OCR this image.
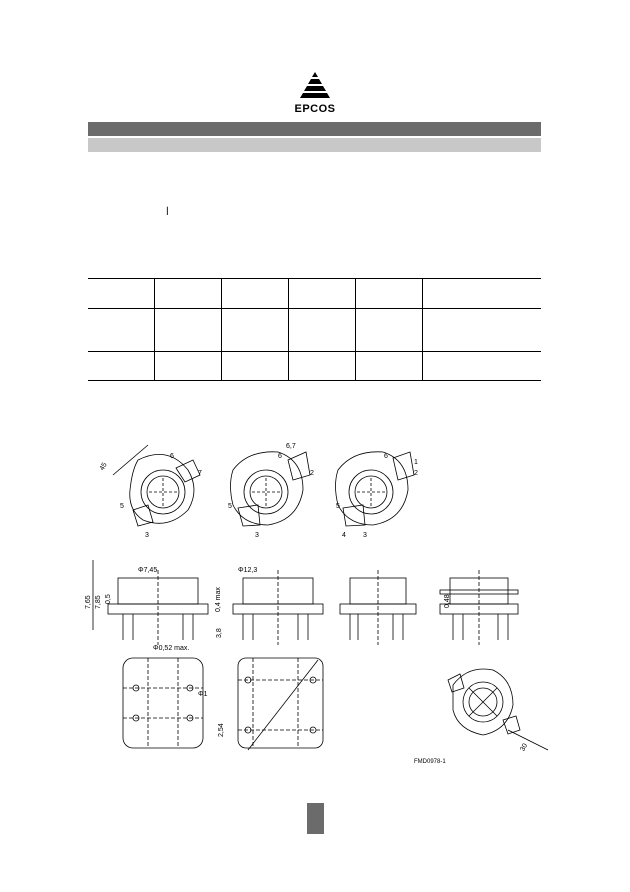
EPCOS
ꟾ

45
6
7
5
3
6,7
6
2
5
3
6
1
2
5
4 3
Φ7,45
7,65 7,85 0,5	0,4 max
3,8
Φ0,52 max.
Φ12,3
0,48
Φ1
2,54
30
FMD0978-1
